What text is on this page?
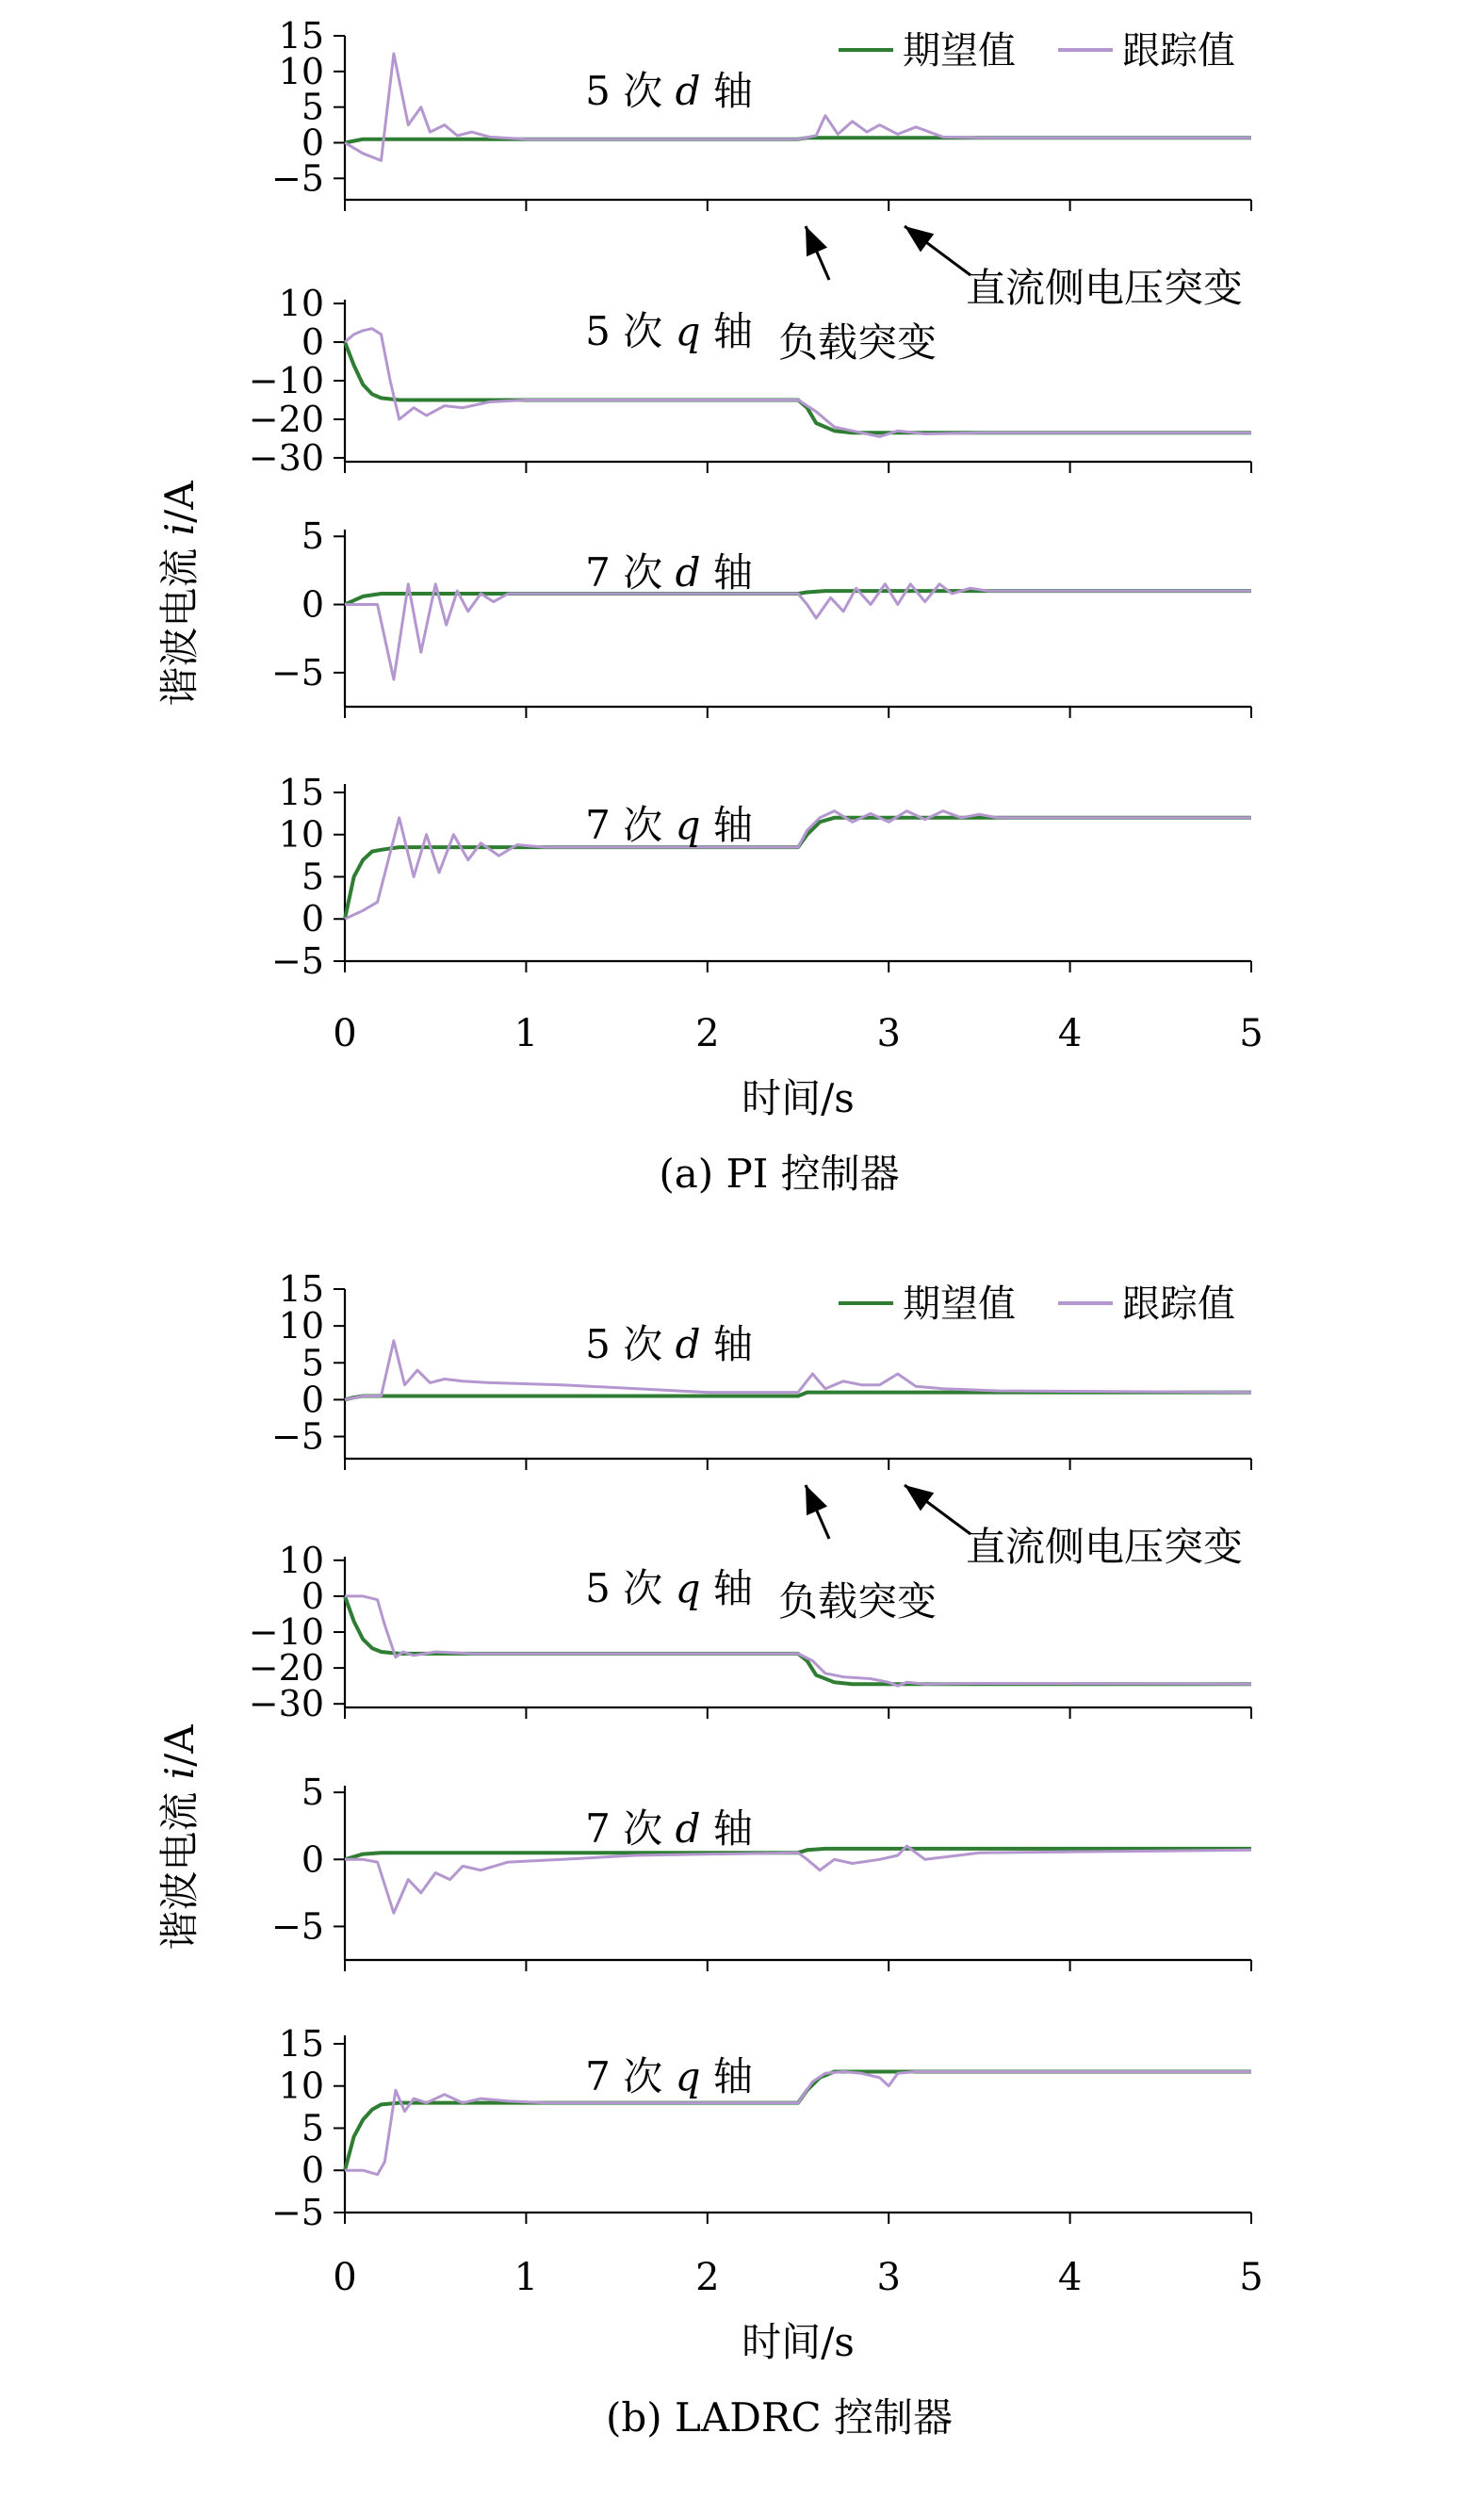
15
10
5
0
−5
5 次 d 轴
10
0
−10
−20
−30
5 次 q 轴
5
0
−5
7 次 d 轴
15
10
5
0
−5
7 次 q 轴
期望值	跟踪值
负载突变
直流侧电压突变
0	1	2	3	4	5
时间/s
(a) PI 控制器
谐波电流 i/A
15
10
5
0
−5
5 次 d 轴
10
0
−10
−20
−30
5 次 q 轴
5
0
−5
7 次 d 轴
15
10
5
0
−5
7 次 q 轴
期望值	跟踪值
负载突变
直流侧电压突变
0	1	2	3	4	5
时间/s
(b) LADRC 控制器
谐波电流 i/A
